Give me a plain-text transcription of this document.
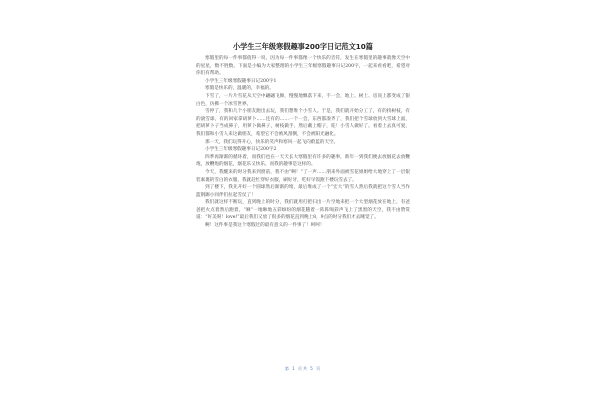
小学生三年级寒假趣事200字日记范文10篇

寒假里的每一件事都值得一说，因为每一件事都像一个快乐的音符，发生在寒假里的趣事就像天空中的星星，数不胜数。下面是小编为大家整理的小学生三年级寒假趣事日记200字，一起来看看吧，希望对你们有帮助。

小学生三年级寒假趣事日记200字1

寒假是快乐的，温暖的，幸福的。

下雪了，一片片雪花从天空中翩翩飞舞，慢慢地飘落下来，不一会，地上、树上、房顶上都变成了银白色，仿佛一个冰雪世界。

雪停了，我和几个小朋友跑出去玩，我们想堆个小雪人。于是，我们就开始分工了，有的找树枝，有的滚雪球，有的回家拿胡萝卜……还有的……一个一会，东西都凑齐了，我们把个雪球放到大雪球上面，把胡萝卜子当成鼻子，用萝卜做鼻子，树枝做手，然后戴上帽子，哇！小雪人做好了。看着上去真可爱，我们都和小雪人来这做朋友，希望它不会被风刮倒，不会被阳光融化。

那一天，我们玩得开心，快乐的笑声和寒风一起飞向蔚蓝的天空。

小学生三年级寒假趣事日记200字2

四季再渐渐的循环着，而我们也在一天天长大寒假里有许多的趣事，新年一到我们便去放烟花去放鞭炮，放鞭炮的烟花，烟花乐又快乐，而我的趣事是这样的。

今天，我醒来的时分我来到窗前，我不由“啊！”了一声……朋来外面被雪花姐姐给大地穿上了一层银装素裹的雪白的衣服，我就赶忙穿好衣服，刷好牙，吃好早饭跑下楼玩雪去了。

到了楼下，我先开好一个圆球然后渐渐的堆，最后堆成了一个“宏大”的雪人然后我就把这个雪人当作篮钢踢小同伴们拉起雪仗了！

我们就这样不断玩，直到晚上的时分，我们就用打把扫出一片空地来把一个大型烟花放在地上，有爸爸把火点着然后跑着，“咻”一地咻地五彩缤纷的烟花随着一阵阵喝彩声飞上了黑黑的天空，我不由赞赏道：“好美呀！love!”最后我们又放了很多的烟花直到晚上8，9点的时分我们才去睡觉了。

啊！这件事是我这个寒假过的最有意义的一件事了！呵呵！

第 1 页共 5 页
